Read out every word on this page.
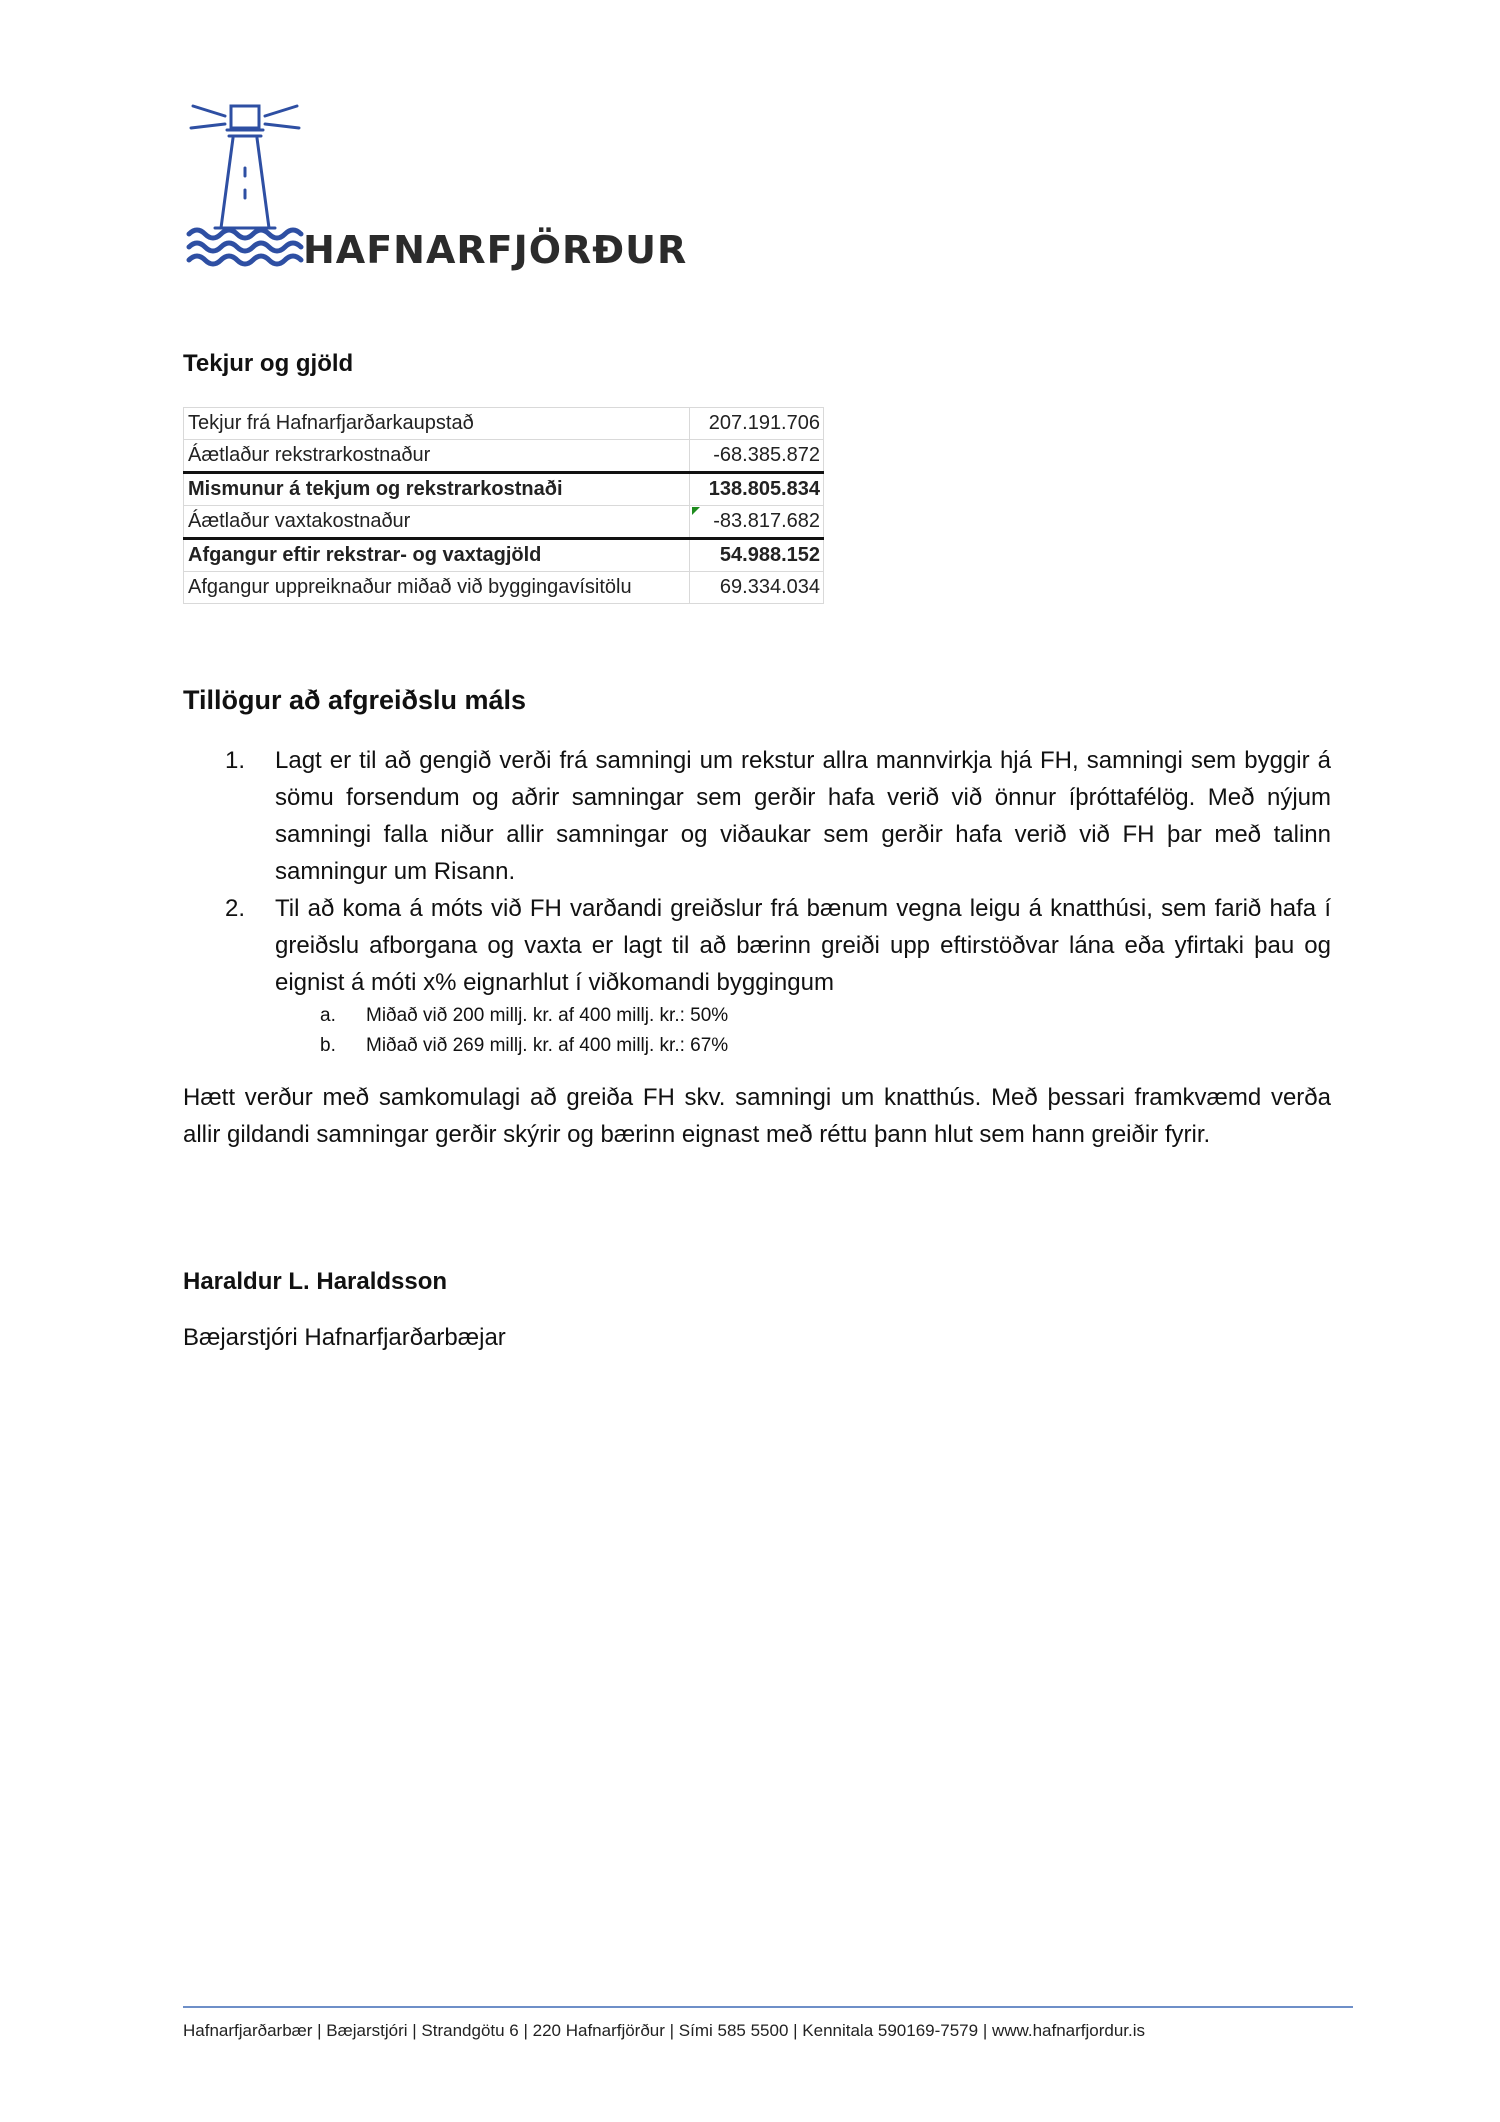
HAFNARFJÖRÐUR
Tekjur og gjöld
Tekjur frá Hafnarfjarðarkaupstað	207.191.706
Áætlaður rekstrarkostnaður	-68.385.872
Mismunur á tekjum og rekstrarkostnaði	138.805.834
Áætlaður vaxtakostnaður	-83.817.682
Afgangur eftir rekstrar- og vaxtagjöld	54.988.152
Afgangur uppreiknaður miðað við byggingavísitölu	69.334.034
Tillögur að afgreiðslu máls
1. Lagt er til að gengið verði frá samningi um rekstur allra mannvirkja hjá FH, samningi sem byggir á sömu forsendum og aðrir samningar sem gerðir hafa verið við önnur íþróttafélög. Með nýjum samningi falla niður allir samningar og viðaukar sem gerðir hafa verið við FH þar með talinn samningur um Risann.
2. Til að koma á móts við FH varðandi greiðslur frá bænum vegna leigu á knatthúsi, sem farið hafa í greiðslu afborgana og vaxta er lagt til að bærinn greiði upp eftirstöðvar lána eða yfirtaki þau og eignist á móti x% eignarhlut í viðkomandi byggingum
a. Miðað við 200 millj. kr. af 400 millj. kr.: 50%
b. Miðað við 269 millj. kr. af 400 millj. kr.: 67%
Hætt verður með samkomulagi að greiða FH skv. samningi um knatthús. Með þessari framkvæmd verða allir gildandi samningar gerðir skýrir og bærinn eignast með réttu þann hlut sem hann greiðir fyrir.
Haraldur L. Haraldsson
Bæjarstjóri Hafnarfjarðarbæjar
Hafnarfjarðarbær | Bæjarstjóri | Strandgötu 6 | 220 Hafnarfjörður | Sími 585 5500 | Kennitala 590169-7579 | www.hafnarfjordur.is
